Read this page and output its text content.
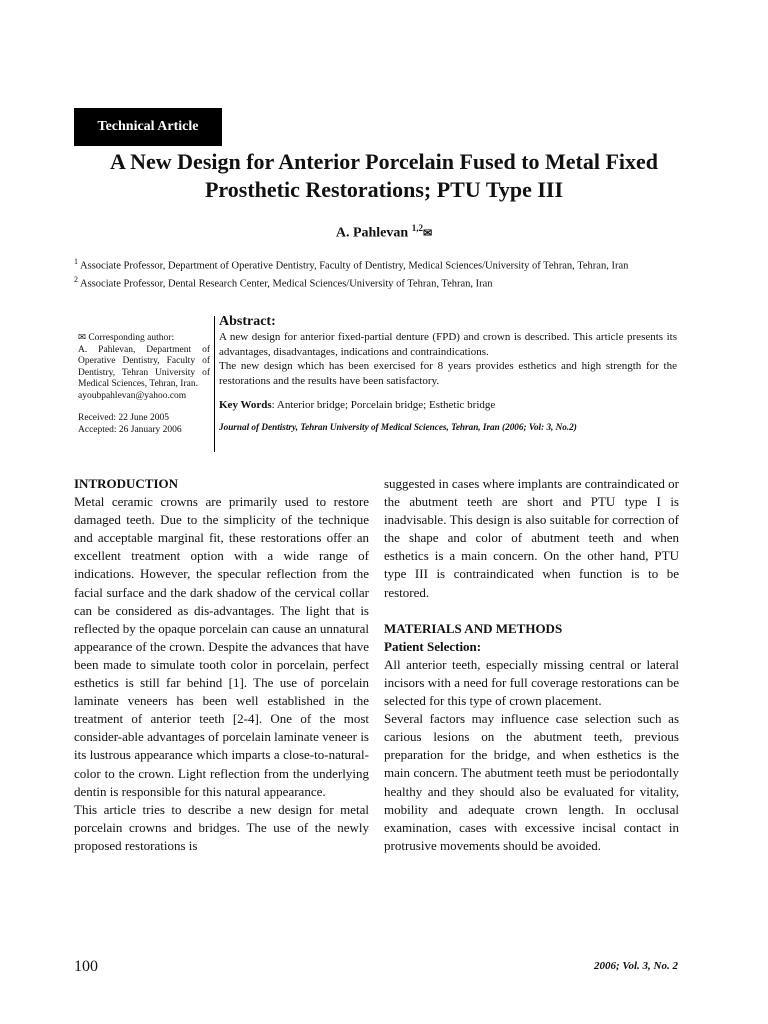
Technical Article
A New Design for Anterior Porcelain Fused to Metal Fixed
Prosthetic Restorations; PTU Type III
A. Pahlevan $^{1,2}$✉

$^1$ Associate Professor, Department of Operative Dentistry, Faculty of Dentistry, Medical Sciences/University of Tehran, Tehran, Iran

$^2$ Associate Professor, Dental Research Center, Medical Sciences/University of Tehran, Tehran, Iran

✉ Corresponding author:

A. Pahlevan, Department of Operative Dentistry, Faculty of Dentistry, Tehran University of Medical Sciences, Tehran, Iran.

ayoubpahlevan@yahoo.com

Received: 22 June 2005

Accepted: 26 January 2006

Abstract:

A new design for anterior fixed-partial denture (FPD) and crown is described. This article presents its advantages, disadvantages, indications and contraindications.

The new design which has been exercised for 8 years provides esthetics and high strength for the restorations and the results have been satisfactory.

Key Words: Anterior bridge; Porcelain bridge; Esthetic bridge

Journal of Dentistry, Tehran University of Medical Sciences, Tehran, Iran (2006; Vol: 3, No.2)

INTRODUCTION

Metal ceramic crowns are primarily used to restore damaged teeth. Due to the simplicity of the technique and acceptable marginal fit, these restorations offer an excellent treatment option with a wide range of indications. However, the specular reflection from the facial surface and the dark shadow of the cervical collar can be considered as dis-advantages. The light that is reflected by the opaque porcelain can cause an unnatural appearance of the crown. Despite the advances that have been made to simulate tooth color in porcelain, perfect esthetics is still far behind [1]. The use of porcelain laminate veneers has been well established in the treatment of anterior teeth [2-4]. One of the most consider-able advantages of porcelain laminate veneer is its lustrous appearance which imparts a close-to-natural-color to the crown. Light reflection from the underlying dentin is responsible for this natural appearance.

This article tries to describe a new design for metal porcelain crowns and bridges. The use of the newly proposed restorations is

suggested in cases where implants are contraindicated or the abutment teeth are short and PTU type I is inadvisable. This design is also suitable for correction of the shape and color of abutment teeth and when esthetics is a main concern. On the other hand, PTU type III is contraindicated when function is to be restored.

MATERIALS AND METHODS
Patient Selection:

All anterior teeth, especially missing central or lateral incisors with a need for full coverage restorations can be selected for this type of crown placement.

Several factors may influence case selection such as carious lesions on the abutment teeth, previous preparation for the bridge, and when esthetics is the main concern. The abutment teeth must be periodontally healthy and they should also be evaluated for vitality, mobility and adequate crown length. In occlusal examination, cases with excessive incisal contact in protrusive movements should be avoided.

100	2006; Vol. 3, No. 2
